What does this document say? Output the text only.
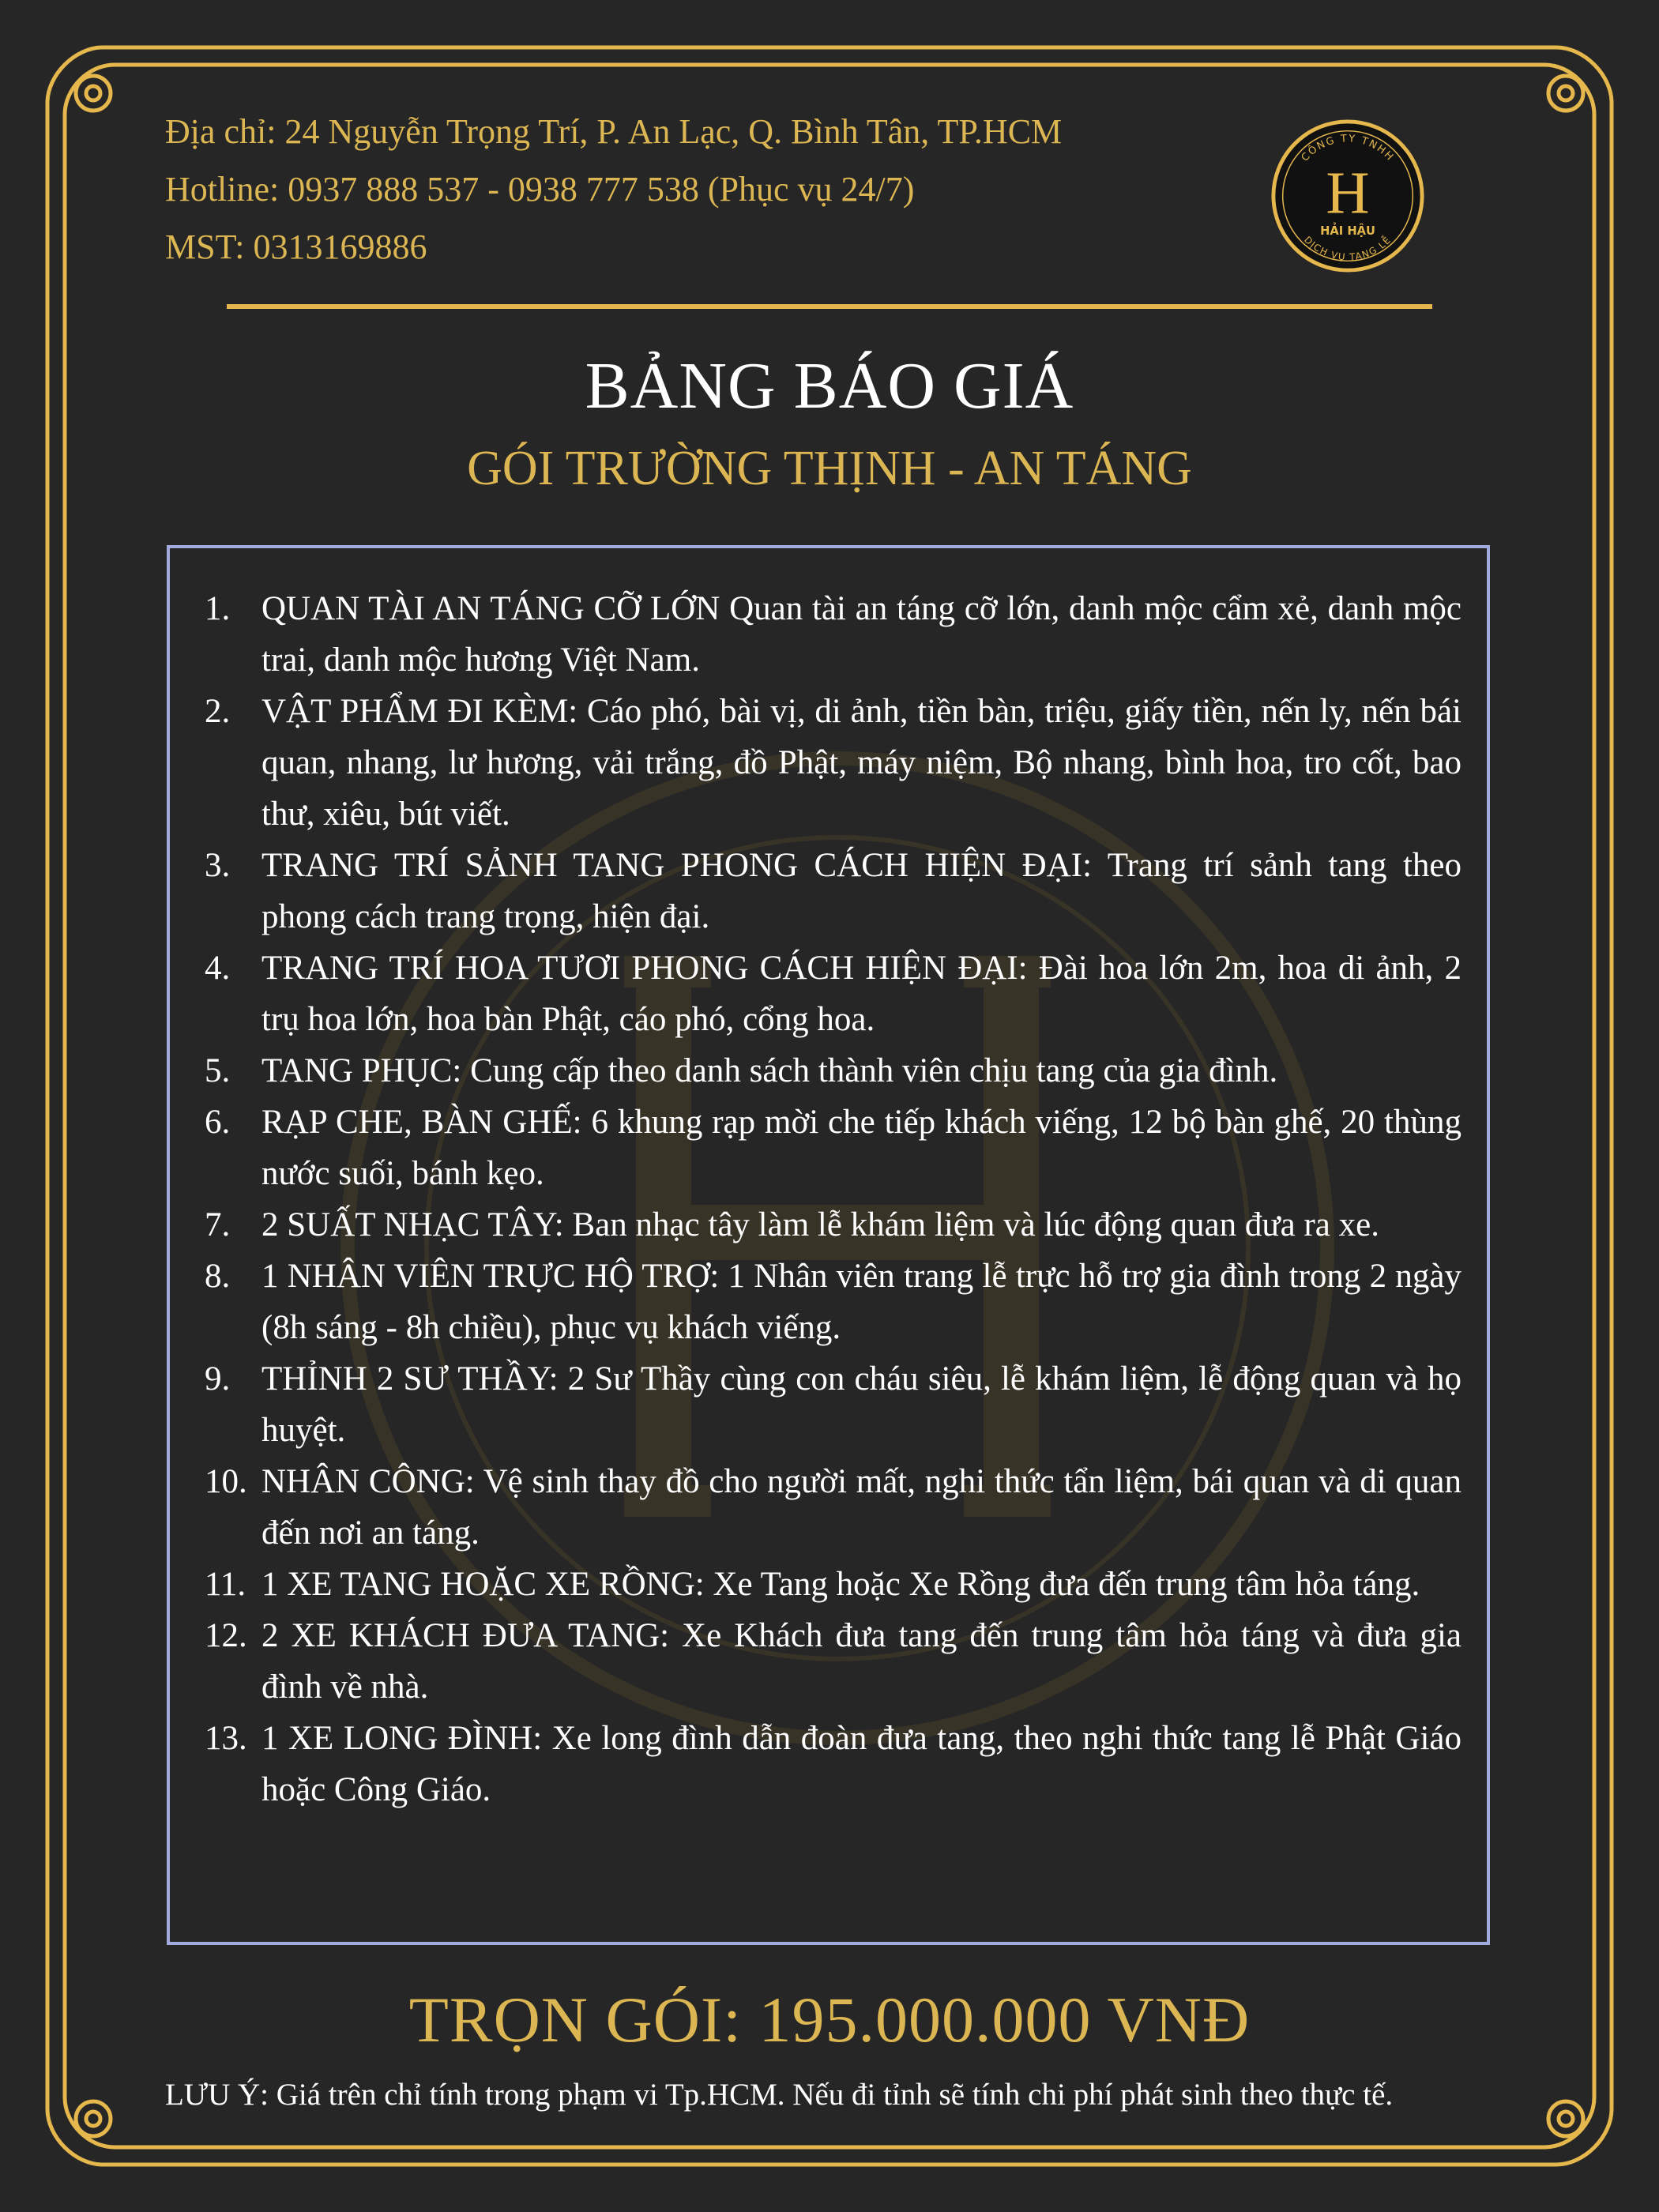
Địa chỉ: 24 Nguyễn Trọng Trí, P. An Lạc, Q. Bình Tân, TP.HCM
Hotline: 0937 888 537 - 0938 777 538 (Phục vụ 24/7)
MST: 0313169886
CÔNG TY TNHH
DỊCH VỤ TANG LỄ
H
HẢI HẬU
BẢNG BÁO GIÁ
GÓI TRƯỜNG THỊNH - AN TÁNG
1. QUAN TÀI AN TÁNG CỠ LỚN Quan tài an táng cỡ lớn, danh mộc cẩm xẻ, danh mộc trai, danh mộc hương Việt Nam.
2. VẬT PHẨM ĐI KÈM: Cáo phó, bài vị, di ảnh, tiền bàn, triệu, giấy tiền, nến ly, nến bái quan, nhang, lư hương, vải trắng, đồ Phật, máy niệm, Bộ nhang, bình hoa, tro cốt, bao thư, xiêu, bút viết.
3. TRANG TRÍ SẢNH TANG PHONG CÁCH HIỆN ĐẠI: Trang trí sảnh tang theo phong cách trang trọng, hiện đại.
4. TRANG TRÍ HOA TƯƠI PHONG CÁCH HIỆN ĐẠI: Đài hoa lớn 2m, hoa di ảnh, 2 trụ hoa lớn, hoa bàn Phật, cáo phó, cổng hoa.
5. TANG PHỤC: Cung cấp theo danh sách thành viên chịu tang của gia đình.
6. RẠP CHE, BÀN GHẾ: 6 khung rạp mời che tiếp khách viếng, 12 bộ bàn ghế, 20 thùng nước suối, bánh kẹo.
7. 2 SUẤT NHẠC TÂY: Ban nhạc tây làm lễ khám liệm và lúc động quan đưa ra xe.
8. 1 NHÂN VIÊN TRỰC HỘ TRỢ: 1 Nhân viên trang lễ trực hỗ trợ gia đình trong 2 ngày (8h sáng - 8h chiều), phục vụ khách viếng.
9. THỈNH 2 SƯ THẦY: 2 Sư Thầy cùng con cháu siêu, lễ khám liệm, lễ động quan và họ huyệt.
10. NHÂN CÔNG: Vệ sinh thay đồ cho người mất, nghi thức tẩn liệm, bái quan và di quan đến nơi an táng.
11. 1 XE TANG HOẶC XE RỒNG: Xe Tang hoặc Xe Rồng đưa đến trung tâm hỏa táng.
12. 2 XE KHÁCH ĐƯA TANG: Xe Khách đưa tang đến trung tâm hỏa táng và đưa gia đình về nhà.
13. 1 XE LONG ĐÌNH: Xe long đình dẫn đoàn đưa tang, theo nghi thức tang lễ Phật Giáo hoặc Công Giáo.
TRỌN GÓI: 195.000.000 VNĐ
LƯU Ý: Giá trên chỉ tính trong phạm vi Tp.HCM. Nếu đi tỉnh sẽ tính chi phí phát sinh theo thực tế.
